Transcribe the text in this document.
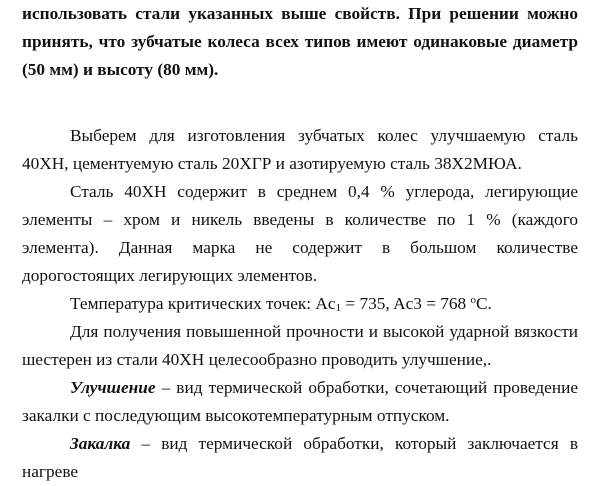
использовать стали указанных выше свойств. При решении можно принять, что зубчатые колеса всех типов имеют одинаковые диаметр (50 мм) и высоту (80 мм).

Выберем для изготовления зубчатых колес улучшаемую сталь 40ХН, цементуемую сталь 20ХГР и азотируемую сталь 38Х2МЮА.

Сталь 40ХН содержит в среднем 0,4 % углерода, легирующие элементы – хром и никель введены в количестве по 1 % (каждого элемента). Данная марка не содержит в большом количестве дорогостоящих легирующих элементов.

Температура критических точек: $Ac_1 = 735$, Ac3 = 768 $^o$C.

Для получения повышенной прочности и высокой ударной вязкости шестерен из стали 40ХН целесообразно проводить улучшение,.

Улучшение – вид термической обработки, сочетающий проведение закалки с последующим высокотемпературным отпуском.

Закалка – вид термической обработки, который заключается в нагреве
